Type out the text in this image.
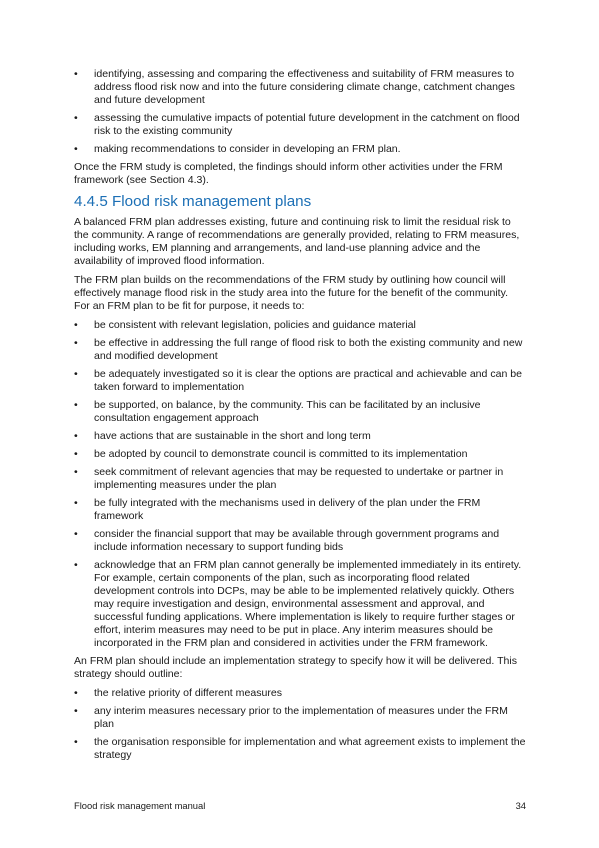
•	identifying, assessing and comparing the effectiveness and suitability of FRM measures to address flood risk now and into the future considering climate change, catchment changes and future development
•	assessing the cumulative impacts of potential future development in the catchment on flood risk to the existing community
•	making recommendations to consider in developing an FRM plan.

Once the FRM study is completed, the findings should inform other activities under the FRM framework (see Section 4.3).

4.4.5 Flood risk management plans

A balanced FRM plan addresses existing, future and continuing risk to limit the residual risk to the community. A range of recommendations are generally provided, relating to FRM measures, including works, EM planning and arrangements, and land-use planning advice and the availability of improved flood information.

The FRM plan builds on the recommendations of the FRM study by outlining how council will effectively manage flood risk in the study area into the future for the benefit of the community. For an FRM plan to be fit for purpose, it needs to:

•	be consistent with relevant legislation, policies and guidance material
•	be effective in addressing the full range of flood risk to both the existing community and new and modified development
•	be adequately investigated so it is clear the options are practical and achievable and can be taken forward to implementation
•	be supported, on balance, by the community. This can be facilitated by an inclusive consultation engagement approach
•	have actions that are sustainable in the short and long term
•	be adopted by council to demonstrate council is committed to its implementation
•	seek commitment of relevant agencies that may be requested to undertake or partner in implementing measures under the plan
•	be fully integrated with the mechanisms used in delivery of the plan under the FRM framework
•	consider the financial support that may be available through government programs and include information necessary to support funding bids
•	acknowledge that an FRM plan cannot generally be implemented immediately in its entirety. For example, certain components of the plan, such as incorporating flood related development controls into DCPs, may be able to be implemented relatively quickly. Others may require investigation and design, environmental assessment and approval, and successful funding applications. Where implementation is likely to require further stages or effort, interim measures may need to be put in place. Any interim measures should be incorporated in the FRM plan and considered in activities under the FRM framework.

An FRM plan should include an implementation strategy to specify how it will be delivered. This strategy should outline:

•	the relative priority of different measures
•	any interim measures necessary prior to the implementation of measures under the FRM plan
•	the organisation responsible for implementation and what agreement exists to implement the strategy
Flood risk management manual	34
